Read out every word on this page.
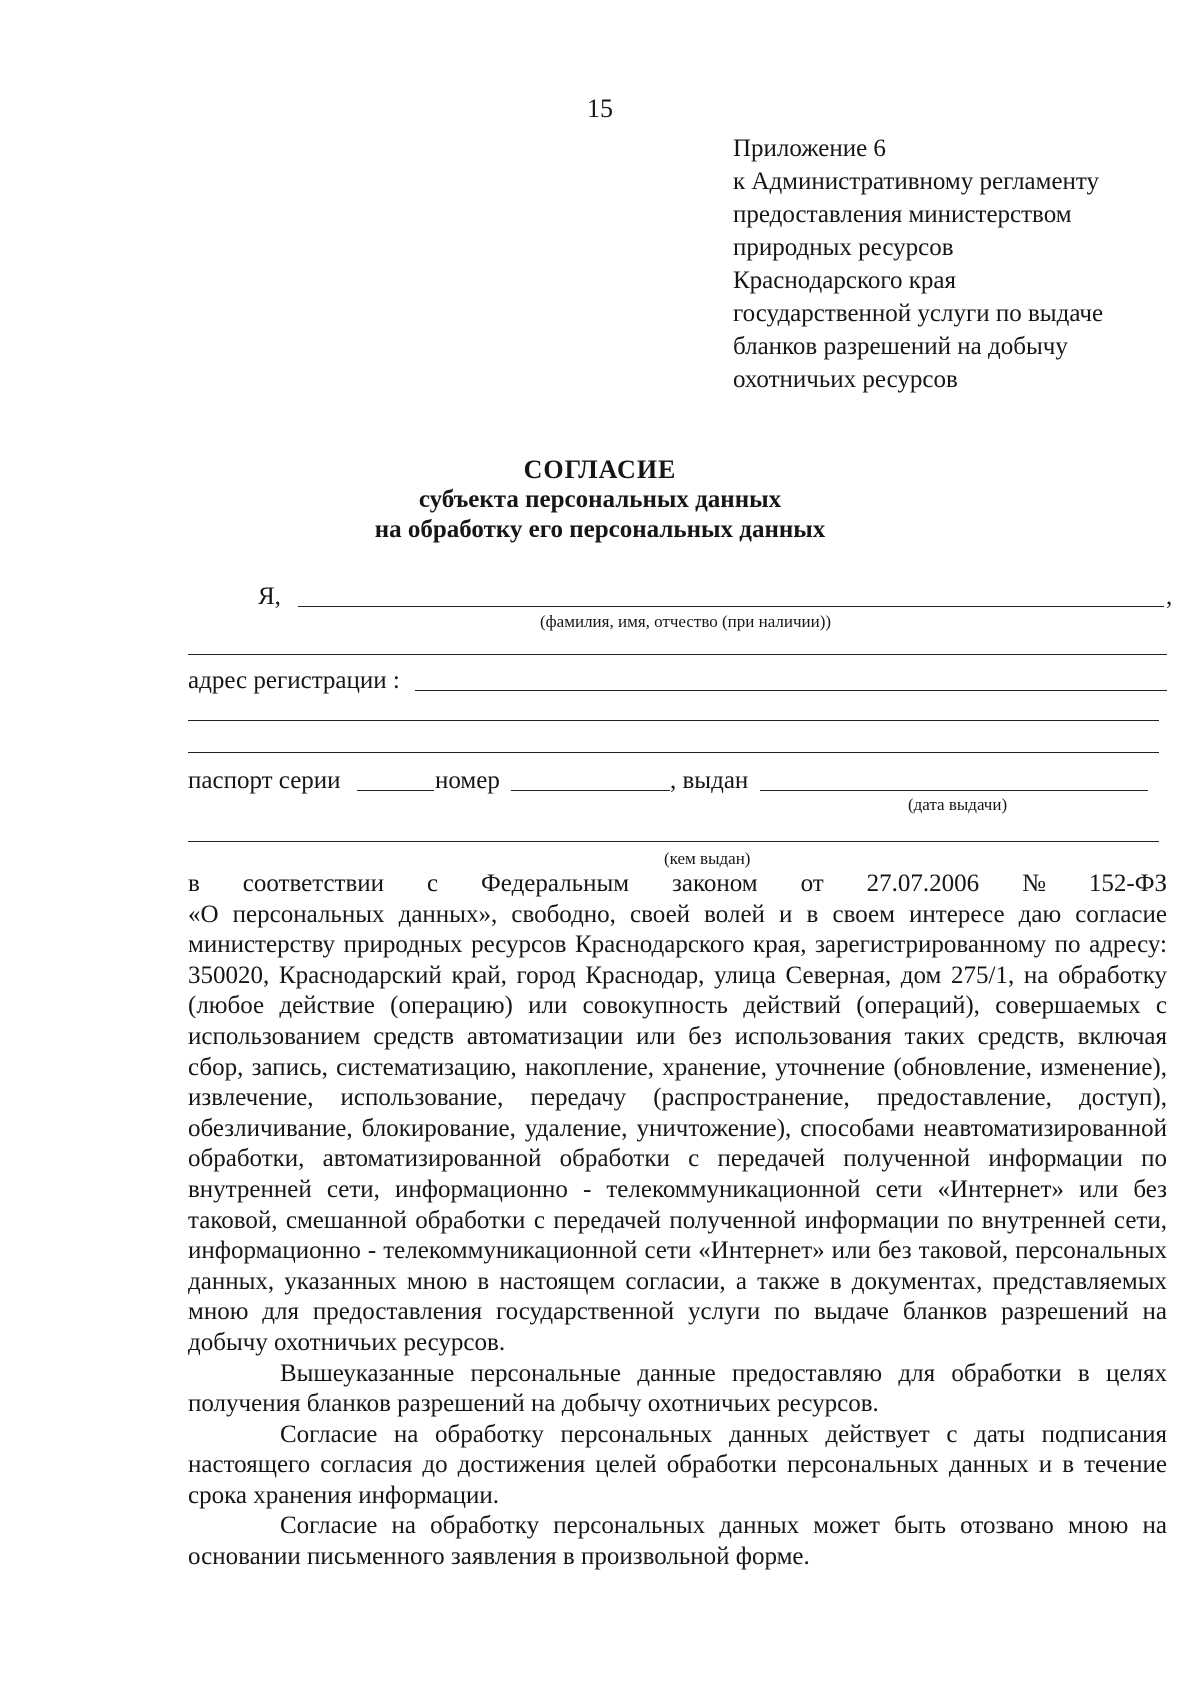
15
Приложение 6
к Административному регламенту
предоставления министерством
природных ресурсов
Краснодарского края
государственной услуги по выдаче
бланков разрешений на добычу
охотничьих ресурсов
СОГЛАСИЕ
субъекта персональных данных
на обработку его персональных данных
Я,	,
(фамилия, имя, отчество (при наличии))
адрес регистрации :
паспорт серии	номер	, выдан
(дата выдачи)
(кем выдан)
в соответствии с Федеральным законом от 27.07.2006 № 152-ФЗ

«О персональных данных», свободно, своей волей и в своем интересе даю согласие министерству природных ресурсов Краснодарского края, зарегистрированному по адресу: 350020, Краснодарский край, город Краснодар, улица Северная, дом 275/1, на обработку (любое действие (операцию) или совокупность действий (операций), совершаемых с использованием средств автоматизации или без использования таких средств, включая сбор, запись, систематизацию, накопление, хранение, уточнение (обновление, изменение), извлечение, использование, передачу (распространение, предоставление, доступ), обезличивание, блокирование, удаление, уничтожение), способами неавтоматизированной обработки, автоматизированной обработки с передачей полученной информации по внутренней сети, информационно - телекоммуникационной сети «Интернет» или без таковой, смешанной обработки с передачей полученной информации по внутренней сети, информационно - телекоммуникационной сети «Интернет» или без таковой, персональных данных, указанных мною в настоящем согласии, а также в документах, представляемых мною для предоставления государственной услуги по выдаче бланков разрешений на добычу охотничьих ресурсов.

Вышеуказанные персональные данные предоставляю для обработки в целях получения бланков разрешений на добычу охотничьих ресурсов.

Согласие на обработку персональных данных действует с даты подписания настоящего согласия до достижения целей обработки персональных данных и в течение срока хранения информации.

Согласие на обработку персональных данных может быть отозвано мною на основании письменного заявления в произвольной форме.
